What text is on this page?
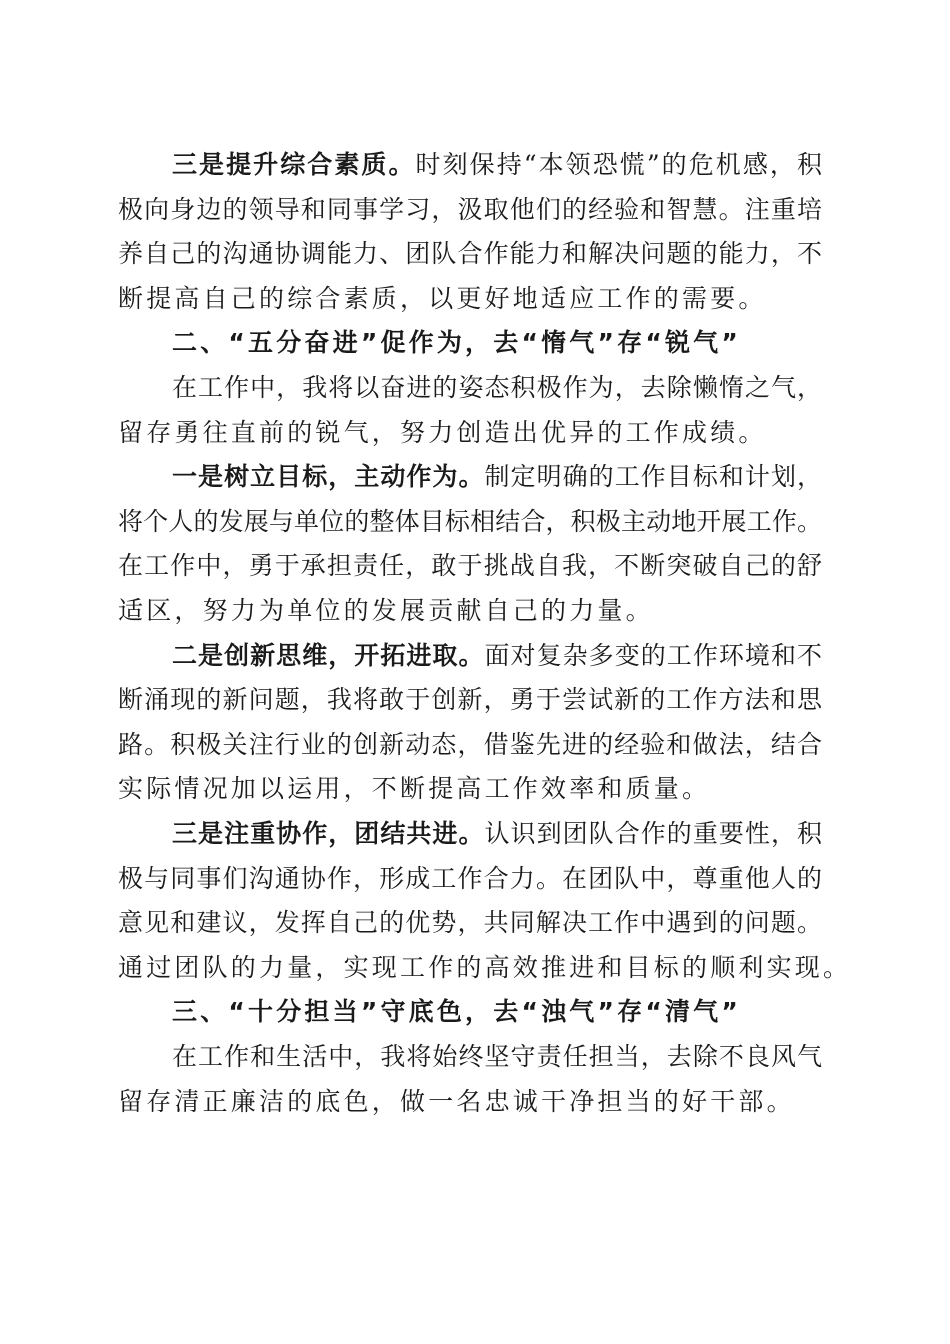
三是提升综合素质。时刻保持“本领恐慌”的危机感，积
极向身边的领导和同事学习，汲取他们的经验和智慧。注重培
养自己的沟通协调能力、团队合作能力和解决问题的能力，不
断提高自己的综合素质，以更好地适应工作的需要。
二、“五分奋进”促作为，去“惰气”存“锐气”
在工作中，我将以奋进的姿态积极作为，去除懒惰之气，
留存勇往直前的锐气，努力创造出优异的工作成绩。
一是树立目标，主动作为。制定明确的工作目标和计划，
将个人的发展与单位的整体目标相结合，积极主动地开展工作。
在工作中，勇于承担责任，敢于挑战自我，不断突破自己的舒
适区，努力为单位的发展贡献自己的力量。
二是创新思维，开拓进取。面对复杂多变的工作环境和不
断涌现的新问题，我将敢于创新，勇于尝试新的工作方法和思
路。积极关注行业的创新动态，借鉴先进的经验和做法，结合
实际情况加以运用，不断提高工作效率和质量。
三是注重协作，团结共进。认识到团队合作的重要性，积
极与同事们沟通协作，形成工作合力。在团队中，尊重他人的
意见和建议，发挥自己的优势，共同解决工作中遇到的问题。
通过团队的力量，实现工作的高效推进和目标的顺利实现。
三、“十分担当”守底色，去“浊气”存“清气”
在工作和生活中，我将始终坚守责任担当，去除不良风气
留存清正廉洁的底色，做一名忠诚干净担当的好干部。
